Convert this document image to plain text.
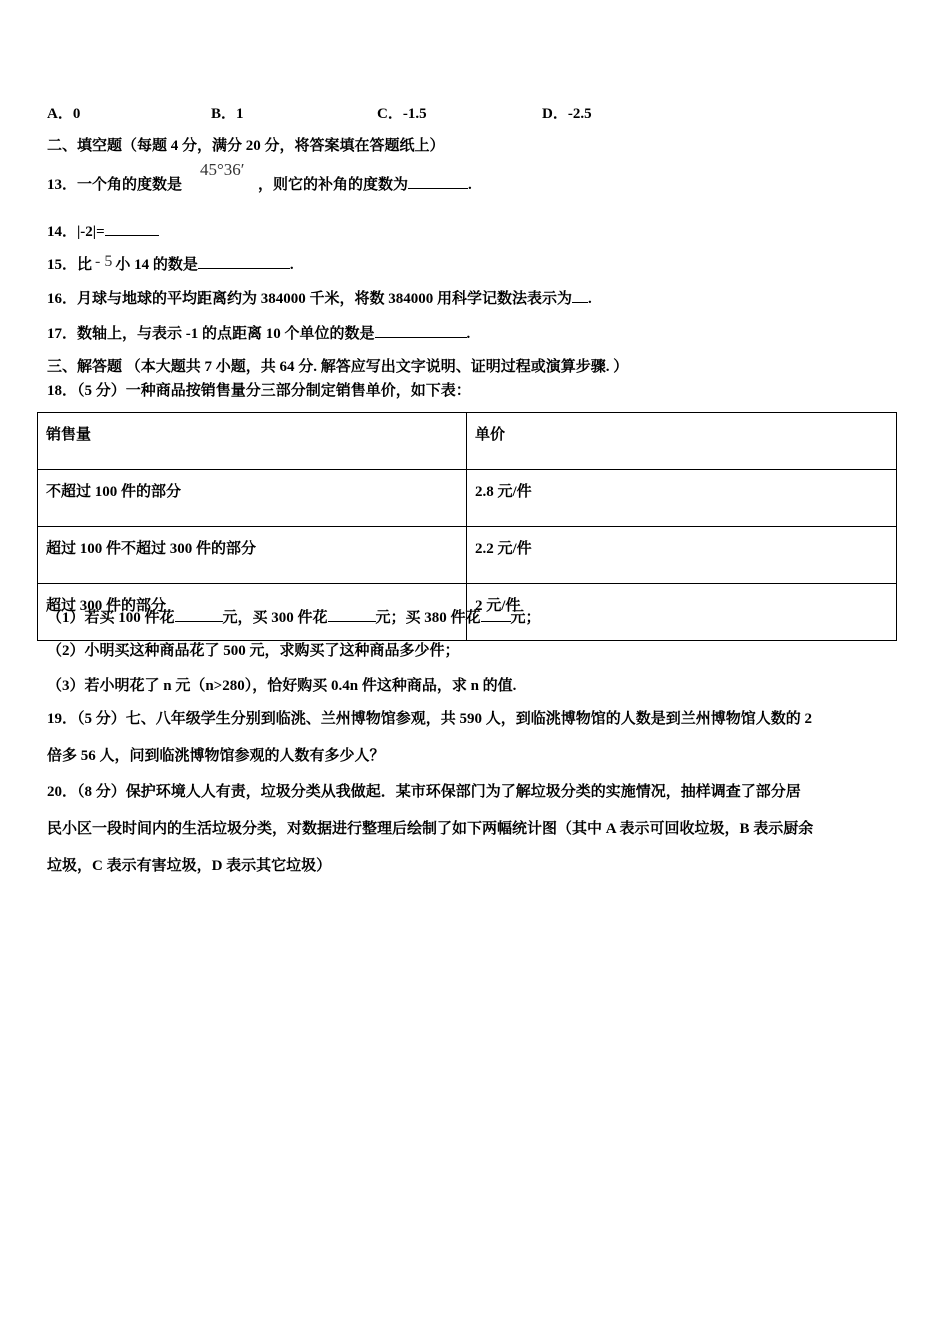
A．0	B．1	C．-1.5	D．-2.5
二、填空题（每题 4 分，满分 20 分，将答案填在答题纸上）
13．一个角的度数是	，则它的补角的度数为	.
45°36′
14．|-2|=
15．比 - 5 小 14 的数是	.
16．月球与地球的平均距离约为 384000 千米，将数 384000 用科学记数法表示为 .
17．数轴上，与表示 -1 的点距离 10 个单位的数是	.
三、解答题 （本大题共 7 小题，共 64 分. 解答应写出文字说明、证明过程或演算步骤. ）
18．（5 分）一种商品按销售量分三部分制定销售单价，如下表：
销售量	单价
不超过 100 件的部分	2.8 元/件
超过 100 件不超过 300 件的部分	2.2 元/件
超过 300 件的部分	2 元/件
（1）若买 100 件花	元，买 300 件花	元；买 380 件花 元；
（2）小明买这种商品花了 500 元，求购买了这种商品多少件；
（3）若小明花了 n 元（n>280），恰好购买 0.4n 件这种商品，求 n 的值.
19．（5 分）七、八年级学生分别到临洮、兰州博物馆参观，共 590 人，到临洮博物馆的人数是到兰州博物馆人数的 2
倍多 56 人，问到临洮博物馆参观的人数有多少人？
20．（8 分）保护环境人人有责，垃圾分类从我做起．某市环保部门为了解垃圾分类的实施情况，抽样调查了部分居
民小区一段时间内的生活垃圾分类，对数据进行整理后绘制了如下两幅统计图（其中 A 表示可回收垃圾，B 表示厨余
垃圾，C 表示有害垃圾，D 表示其它垃圾）
